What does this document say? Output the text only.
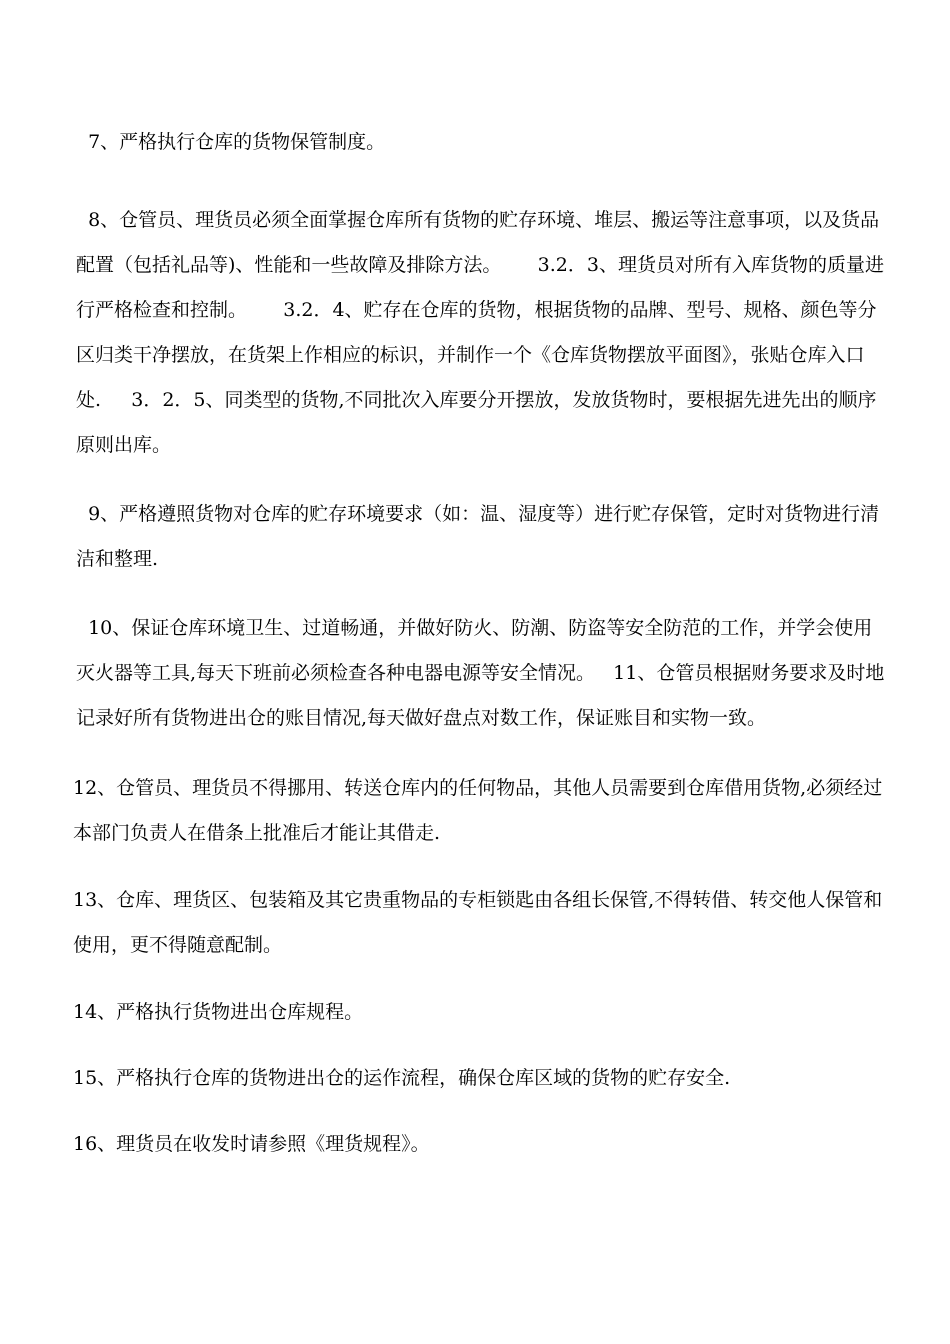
7、严格执行仓库的货物保管制度。
8、仓管员、理货员必须全面掌握仓库所有货物的贮存环境、堆层、搬运等注意事项，以及货品
配置（包括礼品等)、性能和一些故障及排除方法。      3.2．3、理货员对所有入库货物的质量进
行严格检查和控制。      3.2．4、贮存在仓库的货物，根据货物的品牌、型号、规格、颜色等分
区归类干净摆放，在货架上作相应的标识，并制作一个《仓库货物摆放平面图》，张贴仓库入口
处.     3．2．5、同类型的货物,不同批次入库要分开摆放，发放货物时，要根据先进先出的顺序
原则出库。
9、严格遵照货物对仓库的贮存环境要求（如：温、湿度等）进行贮存保管，定时对货物进行清
洁和整理.
10、保证仓库环境卫生、过道畅通，并做好防火、防潮、防盗等安全防范的工作，并学会使用
灭火器等工具,每天下班前必须检查各种电器电源等安全情况。   11、仓管员根据财务要求及时地
记录好所有货物进出仓的账目情况,每天做好盘点对数工作，保证账目和实物一致。
12、仓管员、理货员不得挪用、转送仓库内的任何物品，其他人员需要到仓库借用货物,必须经过
本部门负责人在借条上批准后才能让其借走.
13、仓库、理货区、包装箱及其它贵重物品的专柜锁匙由各组长保管,不得转借、转交他人保管和
使用，更不得随意配制。
14、严格执行货物进出仓库规程。
15、严格执行仓库的货物进出仓的运作流程，确保仓库区域的货物的贮存安全.
16、理货员在收发时请参照《理货规程》。
